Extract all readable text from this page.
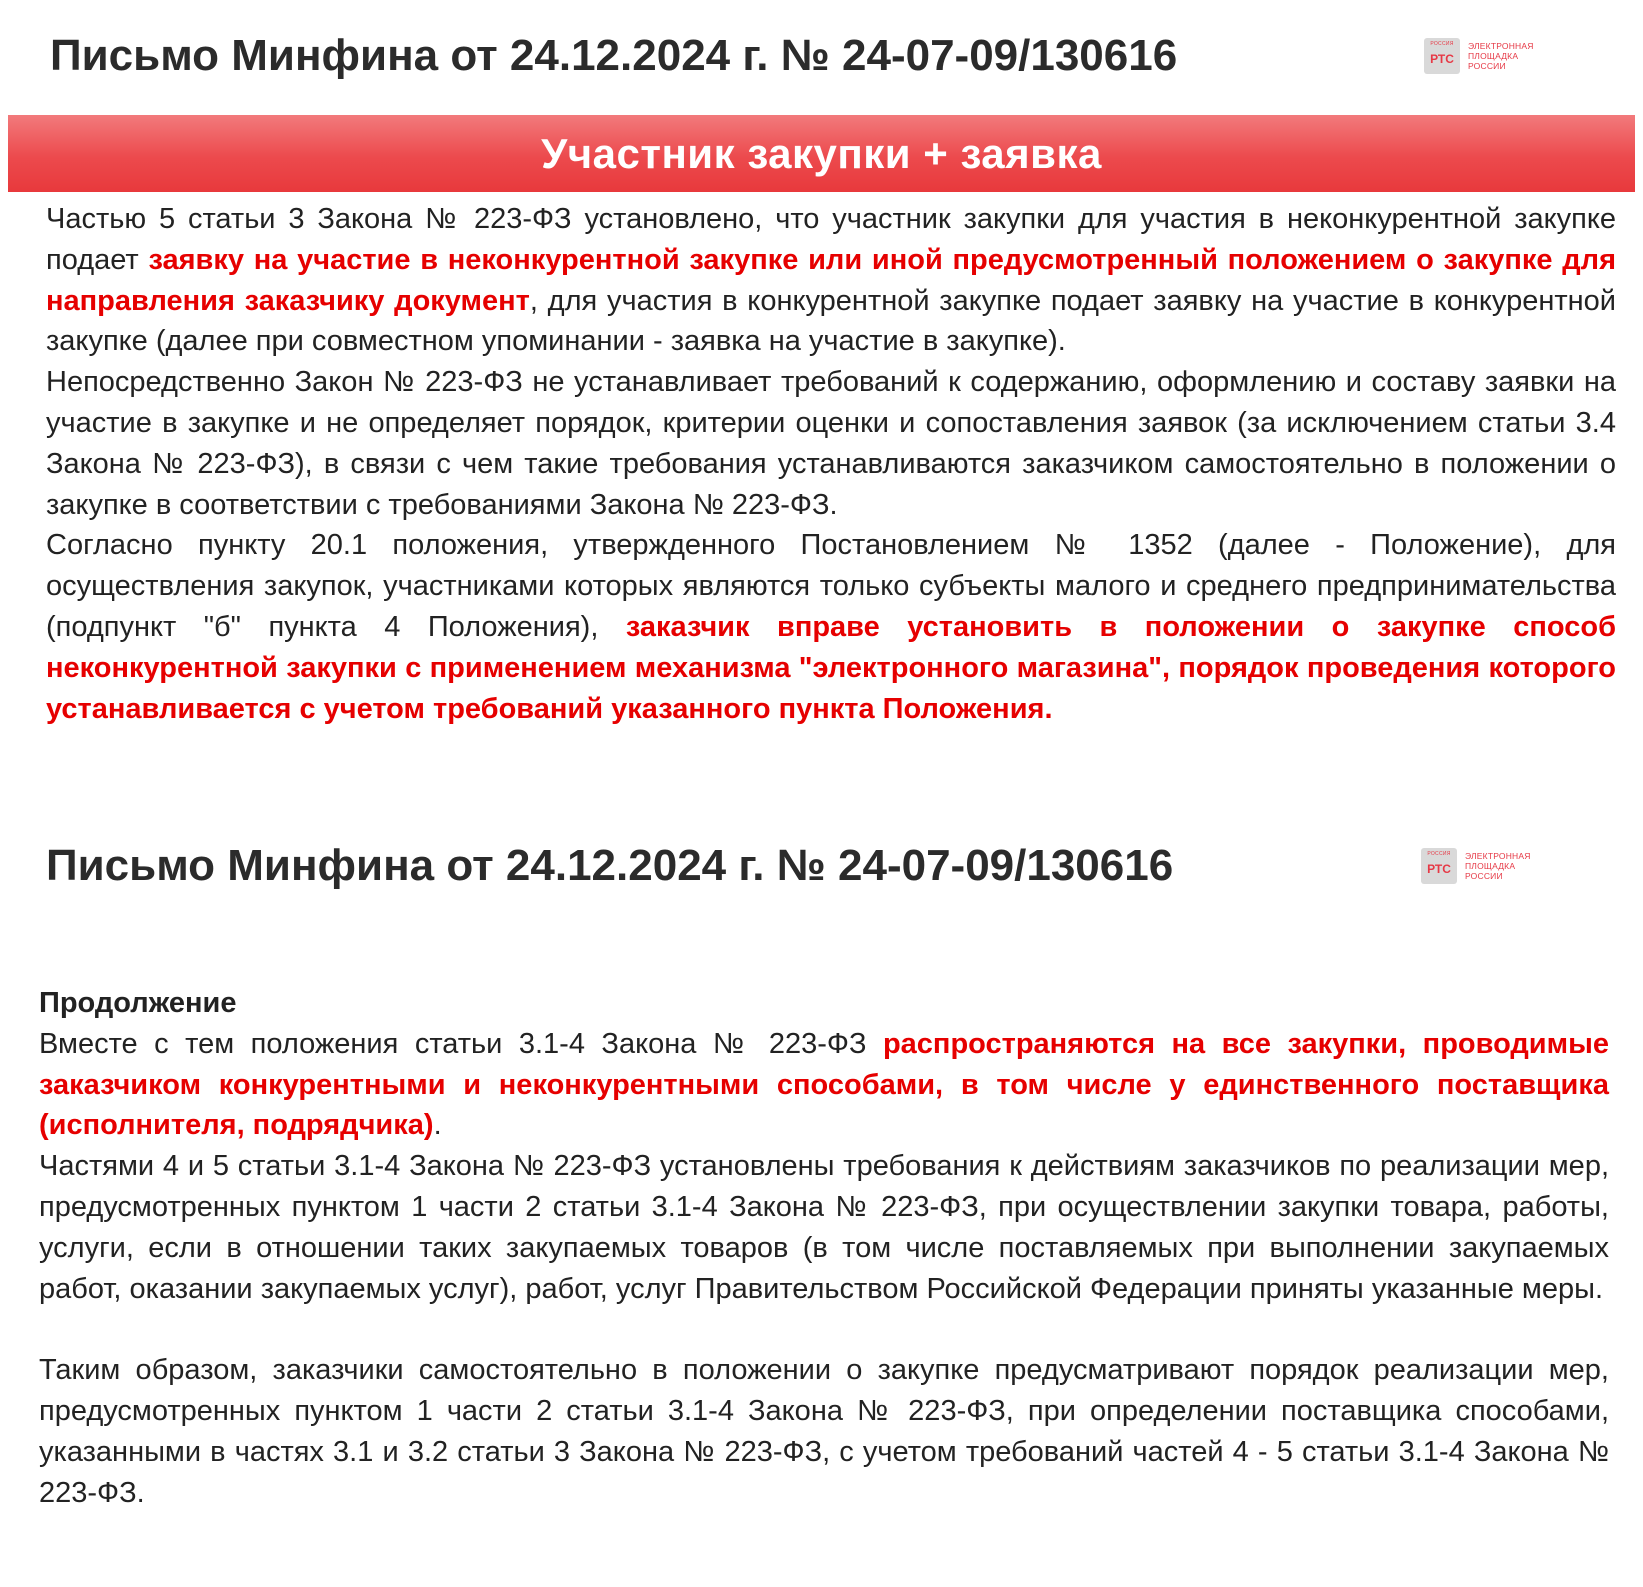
Письмо Минфина от 24.12.2024 г. № 24-07-09/130616	РОССИЯ
РТС
ЭЛЕКТРОННАЯ
ПЛОЩАДКА
РОССИИ
Участник закупки + заявка

Частью 5 статьи 3 Закона № 223-ФЗ установлено, что участник закупки для участия в неконкурентной закупке подает заявку на участие в неконкурентной закупке или иной предусмотренный положением о закупке для направления заказчику документ, для участия в конкурентной закупке подает заявку на участие в конкурентной закупке (далее при совместном упоминании - заявка на участие в закупке).

Непосредственно Закон № 223-ФЗ не устанавливает требований к содержанию, оформлению и составу заявки на участие в закупке и не определяет порядок, критерии оценки и сопоставления заявок (за исключением статьи 3.4 Закона № 223-ФЗ), в связи с чем такие требования устанавливаются заказчиком самостоятельно в положении о закупке в соответствии с требованиями Закона № 223-ФЗ.

Согласно пункту 20.1 положения, утвержденного Постановлением № 1352 (далее - Положение), для осуществления закупок, участниками которых являются только субъекты малого и среднего предпринимательства (подпункт "б" пункта 4 Положения), заказчик вправе установить в положении о закупке способ неконкурентной закупки с применением механизма "электронного магазина", порядок проведения которого устанавливается с учетом требований указанного пункта Положения.

Письмо Минфина от 24.12.2024 г. № 24-07-09/130616	РОССИЯ
РТС
ЭЛЕКТРОННАЯ
ПЛОЩАДКА
РОССИИ

Продолжение

Вместе с тем положения статьи 3.1-4 Закона № 223-ФЗ распространяются на все закупки, проводимые заказчиком конкурентными и неконкурентными способами, в том числе у единственного поставщика (исполнителя, подрядчика).

Частями 4 и 5 статьи 3.1-4 Закона № 223-ФЗ установлены требования к действиям заказчиков по реализации мер, предусмотренных пунктом 1 части 2 статьи 3.1-4 Закона № 223-ФЗ, при осуществлении закупки товара, работы, услуги, если в отношении таких закупаемых товаров (в том числе поставляемых при выполнении закупаемых работ, оказании закупаемых услуг), работ, услуг Правительством Российской Федерации приняты указанные меры.

Таким образом, заказчики самостоятельно в положении о закупке предусматривают порядок реализации мер, предусмотренных пунктом 1 части 2 статьи 3.1-4 Закона № 223-ФЗ, при определении поставщика способами, указанными в частях 3.1 и 3.2 статьи 3 Закона № 223-ФЗ, с учетом требований частей 4 - 5 статьи 3.1-4 Закона № 223-ФЗ.
